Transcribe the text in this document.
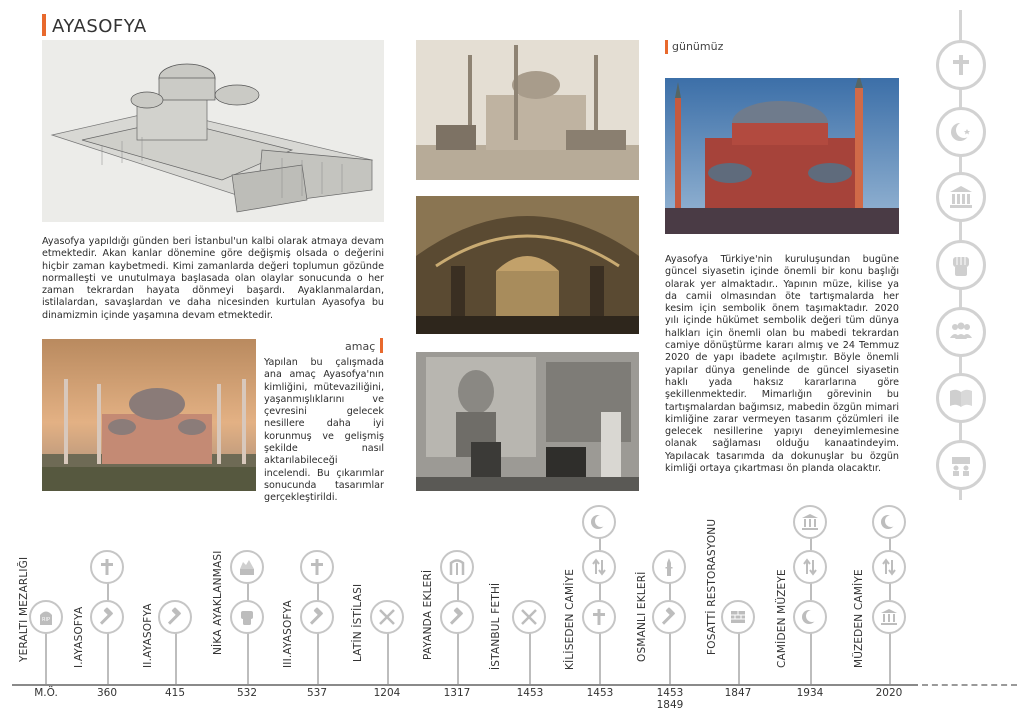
AYASOFYA
Ayasofya yapıldığı günden beri İstanbul'un kalbi olarak atmaya devam etmektedir. Akan kanlar dönemine göre değişmiş olsada o değerini hiçbir zaman kaybetmedi. Kimi zamanlarda değeri toplumun gözünde normalleşti ve unutulmaya başlasada olan olaylar sonucunda o her zaman tekrardan hayata dönmeyi başardı. Ayaklanmalardan, istilalardan, savaşlardan ve daha nicesinden kurtulan Ayasofya bu dinamizmin içinde yaşamına devam etmektedir.
amaç
Yapılan bu çalışmada ana amaç Ayasofya'nın kimliğini, mütevaziliğini, yaşanmışlıklarını ve çevresini gelecek nesillere daha iyi korunmuş ve gelişmiş şekilde nasıl aktarılabileceği incelendi. Bu çıkarımlar sonucunda tasarımlar gerçekleştirildi.
günümüz
Ayasofya Türkiye'nin kuruluşundan bugüne güncel siyasetin içinde önemli bir konu başlığı olarak yer almaktadır.. Yapının müze, kilise ya da camii olmasından öte tartışmalarda her kesim için sembolik önem taşımaktadır. 2020 yılı içinde hükümet sembolik değeri tüm dünya halkları için önemli olan bu mabedi tekrardan camiye dönüştürme kararı almış ve 24 Temmuz 2020 de yapı ibadete açılmıştır. Böyle önemli yapılar dünya genelinde de güncel siyasetin haklı yada haksız kararlarına göre şekillenmektedir. Mimarlığın görevinin bu tartışmalardan bağımsız, mabedin özgün mimari kimliğine zarar vermeyen tasarım çözümleri ile gelecek nesillerine yapıyı deneyimlemesine olanak sağlaması olduğu kanaatindeyim. Yapılacak tasarımda da dokunuşlar bu özgün kimliği ortaya çıkartması ön planda olacaktır.
RIP
YERALTI MEZARLIĞI
M.Ö.
I.AYASOFYA
360
II.AYASOFYA
415
NİKA AYAKLANMASI
532
III.AYASOFYA
537
LATİN İSTİLASI
1204
PAYANDA EKLERİ
1317
İSTANBUL FETHİ
1453
KİLİSEDEN CAMİYE
1453
OSMANLI EKLERİ
1453
1849
FOSATTİ RESTORASYONU
1847
CAMİDEN MÜZEYE
1934
MÜZEDEN CAMİYE
2020
